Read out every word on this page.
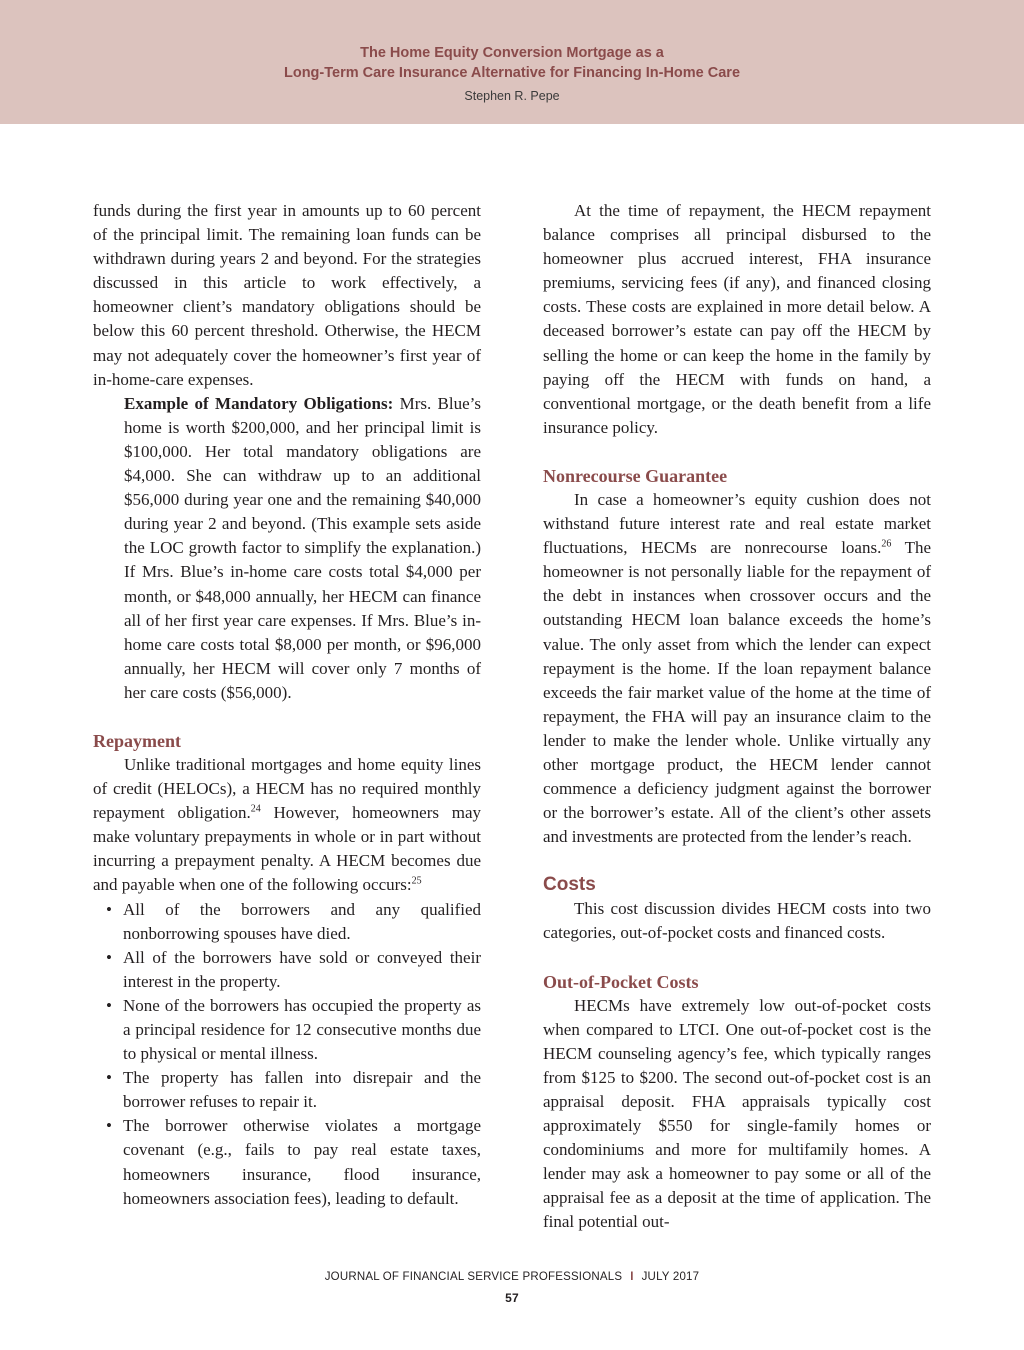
The Home Equity Conversion Mortgage as a
Long-Term Care Insurance Alternative for Financing In-Home Care
Stephen R. Pepe

funds during the first year in amounts up to 60 percent of the principal limit. The remaining loan funds can be withdrawn during years 2 and beyond. For the strategies discussed in this article to work effectively, a homeowner client’s mandatory obligations should be below this 60 percent threshold. Otherwise, the HECM may not adequately cover the homeowner’s first year of in-home-care expenses.

Example of Mandatory Obligations: Mrs. Blue’s home is worth $200,000, and her principal limit is $100,000. Her total mandatory obligations are $4,000. She can withdraw up to an additional $56,000 during year one and the remaining $40,000 during year 2 and beyond. (This example sets aside the LOC growth factor to simplify the explanation.) If Mrs. Blue’s in-home care costs total $4,000 per month, or $48,000 annually, her HECM can finance all of her first year care expenses. If Mrs. Blue’s in-home care costs total $8,000 per month, or $96,000 annually, her HECM will cover only 7 months of her care costs ($56,000).

Repayment

Unlike traditional mortgages and home equity lines of credit (HELOCs), a HECM has no required monthly repayment obligation.$^{24}$ However, homeowners may make voluntary prepayments in whole or in part without incurring a prepayment penalty. A HECM becomes due and payable when one of the following occurs:$^{25}$

• All of the borrowers and any qualified nonborrowing spouses have died.
• All of the borrowers have sold or conveyed their interest in the property.
• None of the borrowers has occupied the property as a principal residence for 12 consecutive months due to physical or mental illness.
• The property has fallen into disrepair and the borrower refuses to repair it.
• The borrower otherwise violates a mortgage covenant (e.g., fails to pay real estate taxes, homeowners insurance, flood insurance, homeowners association fees), leading to default.

At the time of repayment, the HECM repayment balance comprises all principal disbursed to the homeowner plus accrued interest, FHA insurance premiums, servicing fees (if any), and financed closing costs. These costs are explained in more detail below. A deceased borrower’s estate can pay off the HECM by selling the home or can keep the home in the family by paying off the HECM with funds on hand, a conventional mortgage, or the death benefit from a life insurance policy.

Nonrecourse Guarantee

In case a homeowner’s equity cushion does not withstand future interest rate and real estate market fluctuations, HECMs are nonrecourse loans.$^{26}$ The homeowner is not personally liable for the repayment of the debt in instances when crossover occurs and the outstanding HECM loan balance exceeds the home’s value. The only asset from which the lender can expect repayment is the home. If the loan repayment balance exceeds the fair market value of the home at the time of repayment, the FHA will pay an insurance claim to the lender to make the lender whole. Unlike virtually any other mortgage product, the HECM lender cannot commence a deficiency judgment against the borrower or the borrower’s estate. All of the client’s other assets and investments are protected from the lender’s reach.

Costs

This cost discussion divides HECM costs into two categories, out-of-pocket costs and financed costs.

Out-of-Pocket Costs

HECMs have extremely low out-of-pocket costs when compared to LTCI. One out-of-pocket cost is the HECM counseling agency’s fee, which typically ranges from $125 to $200. The second out-of-pocket cost is an appraisal deposit. FHA appraisals typically cost approximately $550 for single-family homes or condominiums and more for multifamily homes. A lender may ask a homeowner to pay some or all of the appraisal fee as a deposit at the time of application. The final potential out-

JOURNAL OF FINANCIAL SERVICE PROFESSIONALS I JULY 2017
57
